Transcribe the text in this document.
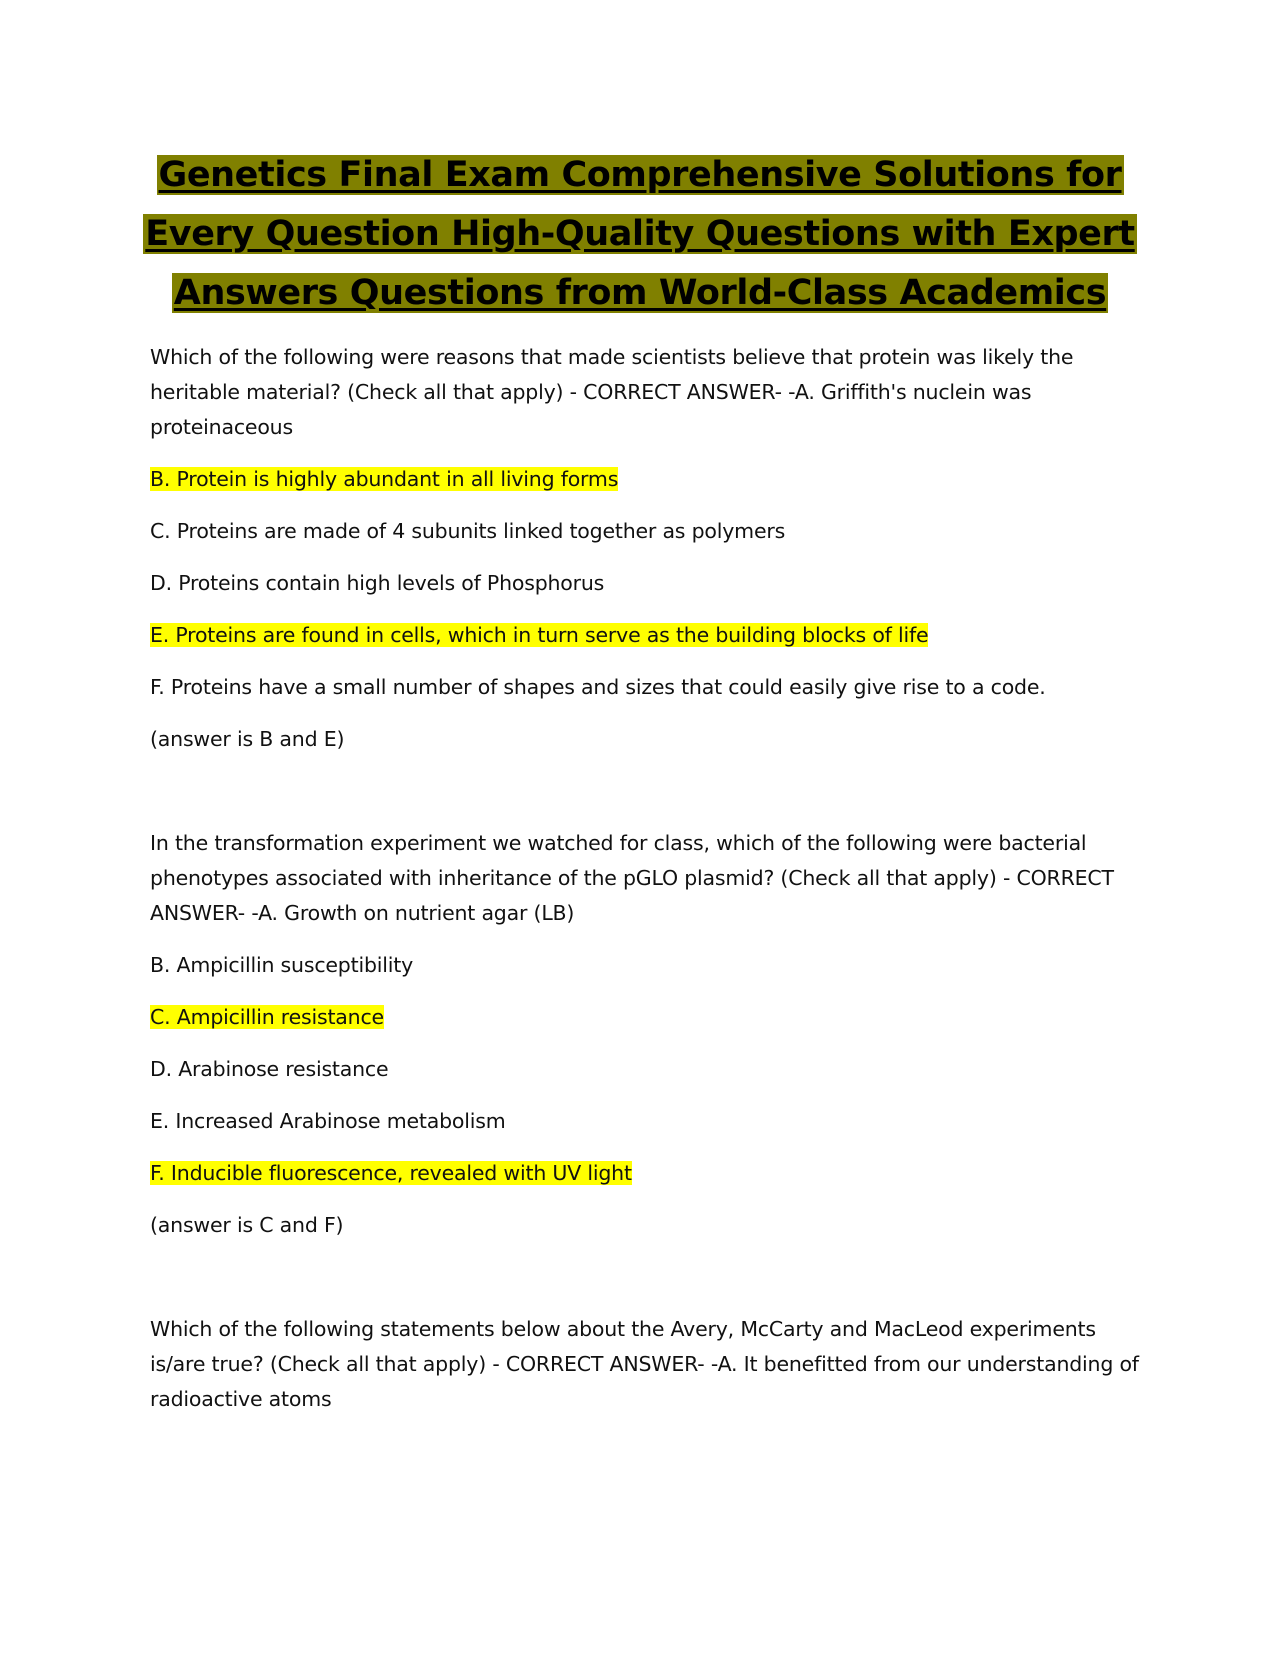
Genetics Final Exam Comprehensive Solutions for
Every Question High-Quality Questions with Expert
Answers Questions from World-Class Academics

Which of the following were reasons that made scientists believe that protein was likely the heritable material? (Check all that apply) - CORRECT ANSWER- -A. Griffith's nuclein was proteinaceous

B. Protein is highly abundant in all living forms

C. Proteins are made of 4 subunits linked together as polymers

D. Proteins contain high levels of Phosphorus

E. Proteins are found in cells, which in turn serve as the building blocks of life

F. Proteins have a small number of shapes and sizes that could easily give rise to a code.

(answer is B and E)

In the transformation experiment we watched for class, which of the following were bacterial phenotypes associated with inheritance of the pGLO plasmid? (Check all that apply) - CORRECT ANSWER- -A. Growth on nutrient agar (LB)

B. Ampicillin susceptibility

C. Ampicillin resistance

D. Arabinose resistance

E. Increased Arabinose metabolism

F. Inducible fluorescence, revealed with UV light

(answer is C and F)

Which of the following statements below about the Avery, McCarty and MacLeod experiments is/are true? (Check all that apply) - CORRECT ANSWER- -A. It benefitted from our understanding of radioactive atoms
